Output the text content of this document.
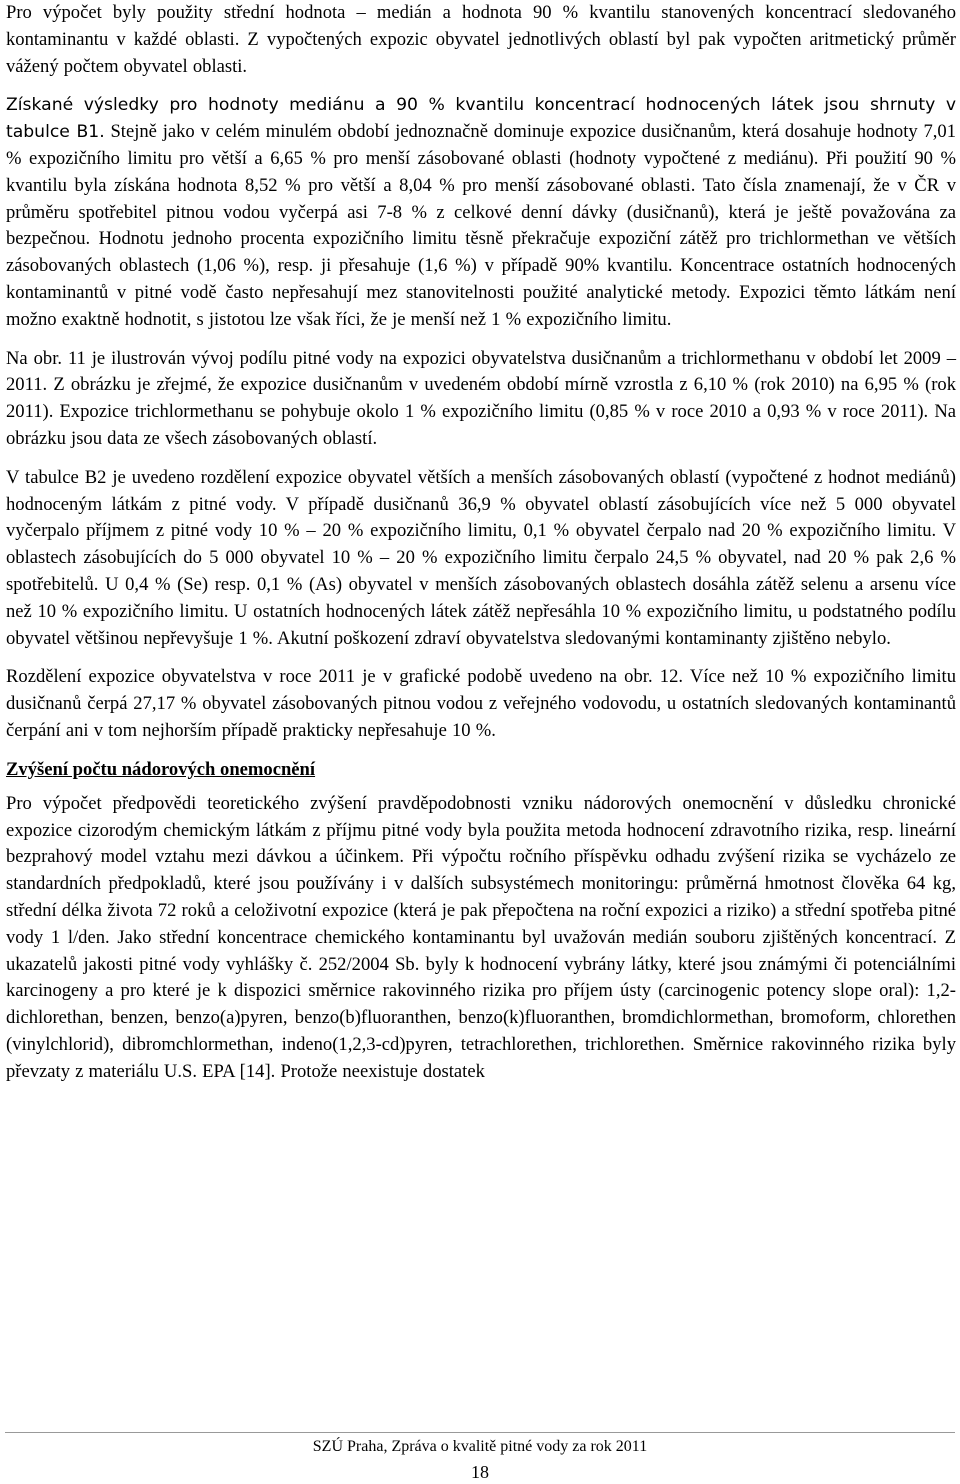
Pro výpočet byly použity střední hodnota – medián a hodnota 90 % kvantilu stanovených koncentrací sledovaného kontaminantu v každé oblasti. Z vypočtených expozic obyvatel jednotlivých oblastí byl pak vypočten aritmetický průměr vážený počtem obyvatel oblasti.

Získané výsledky pro hodnoty mediánu a 90 % kvantilu koncentrací hodnocených látek jsou shrnuty v tabulce B1. Stejně jako v celém minulém období jednoznačně dominuje expozice dusičnanům, která dosahuje hodnoty 7,01 % expozičního limitu pro větší a 6,65 % pro menší zásobované oblasti (hodnoty vypočtené z mediánu). Při použití 90 % kvantilu byla získána hodnota 8,52 % pro větší a 8,04 % pro menší zásobované oblasti. Tato čísla znamenají, že v ČR v průměru spotřebitel pitnou vodou vyčerpá asi 7-8 % z celkové denní dávky (dusičnanů), která je ještě považována za bezpečnou. Hodnotu jednoho procenta expozičního limitu těsně překračuje expoziční zátěž pro trichlormethan ve větších zásobovaných oblastech (1,06 %), resp. ji přesahuje (1,6 %) v případě 90% kvantilu. Koncentrace ostatních hodnocených kontaminantů v pitné vodě často nepřesahují mez stanovitelnosti použité analytické metody. Expozici těmto látkám není možno exaktně hodnotit, s jistotou lze však říci, že je menší než 1 % expozičního limitu.

Na obr. 11 je ilustrován vývoj podílu pitné vody na expozici obyvatelstva dusičnanům a trichlormethanu v období let 2009 – 2011. Z obrázku je zřejmé, že expozice dusičnanům v uvedeném období mírně vzrostla z 6,10 % (rok 2010) na 6,95 % (rok 2011). Expozice trichlormethanu se pohybuje okolo 1 % expozičního limitu (0,85 % v roce 2010 a 0,93 % v roce 2011). Na obrázku jsou data ze všech zásobovaných oblastí.

V tabulce B2 je uvedeno rozdělení expozice obyvatel větších a menších zásobovaných oblastí (vypočtené z hodnot mediánů) hodnoceným látkám z pitné vody. V případě dusičnanů 36,9 % obyvatel oblastí zásobujících více než 5 000 obyvatel vyčerpalo příjmem z pitné vody 10 % – 20 % expozičního limitu, 0,1 % obyvatel čerpalo nad 20 % expozičního limitu. V oblastech zásobujících do 5 000 obyvatel 10 % – 20 % expozičního limitu čerpalo 24,5 % obyvatel, nad 20 % pak 2,6 % spotřebitelů. U 0,4 % (Se) resp. 0,1 % (As) obyvatel v menších zásobovaných oblastech dosáhla zátěž selenu a arsenu více než 10 % expozičního limitu. U ostatních hodnocených látek zátěž nepřesáhla 10 % expozičního limitu, u podstatného podílu obyvatel většinou nepřevyšuje 1 %. Akutní poškození zdraví obyvatelstva sledovanými kontaminanty zjištěno nebylo.

Rozdělení expozice obyvatelstva v roce 2011 je v grafické podobě uvedeno na obr. 12. Více než 10 % expozičního limitu dusičnanů čerpá 27,17 % obyvatel zásobovaných pitnou vodou z veřejného vodovodu, u ostatních sledovaných kontaminantů čerpání ani v tom nejhorším případě prakticky nepřesahuje 10 %.

Zvýšení počtu nádorových onemocnění

Pro výpočet předpovědi teoretického zvýšení pravděpodobnosti vzniku nádorových onemocnění v důsledku chronické expozice cizorodým chemickým látkám z příjmu pitné vody byla použita metoda hodnocení zdravotního rizika, resp. lineární bezprahový model vztahu mezi dávkou a účinkem. Při výpočtu ročního příspěvku odhadu zvýšení rizika se vycházelo ze standardních předpokladů, které jsou používány i v dalších subsystémech monitoringu: průměrná hmotnost člověka 64 kg, střední délka života 72 roků a celoživotní expozice (která je pak přepočtena na roční expozici a riziko) a střední spotřeba pitné vody 1 l/den. Jako střední koncentrace chemického kontaminantu byl uvažován medián souboru zjištěných koncentrací. Z ukazatelů jakosti pitné vody vyhlášky č. 252/2004 Sb. byly k hodnocení vybrány látky, které jsou známými či potenciálními karcinogeny a pro které je k dispozici směrnice rakovinného rizika pro příjem ústy (carcinogenic potency slope oral): 1,2-dichlorethan, benzen, benzo(a)pyren, benzo(b)fluoranthen, benzo(k)fluoranthen, bromdichlormethan, bromoform, chlorethen (vinylchlorid), dibromchlormethan, indeno(1,2,3-cd)pyren, tetrachlorethen, trichlorethen. Směrnice rakovinného rizika byly převzaty z materiálu U.S. EPA [14]. Protože neexistuje dostatek

SZÚ Praha, Zpráva o kvalitě pitné vody za rok 2011
18
